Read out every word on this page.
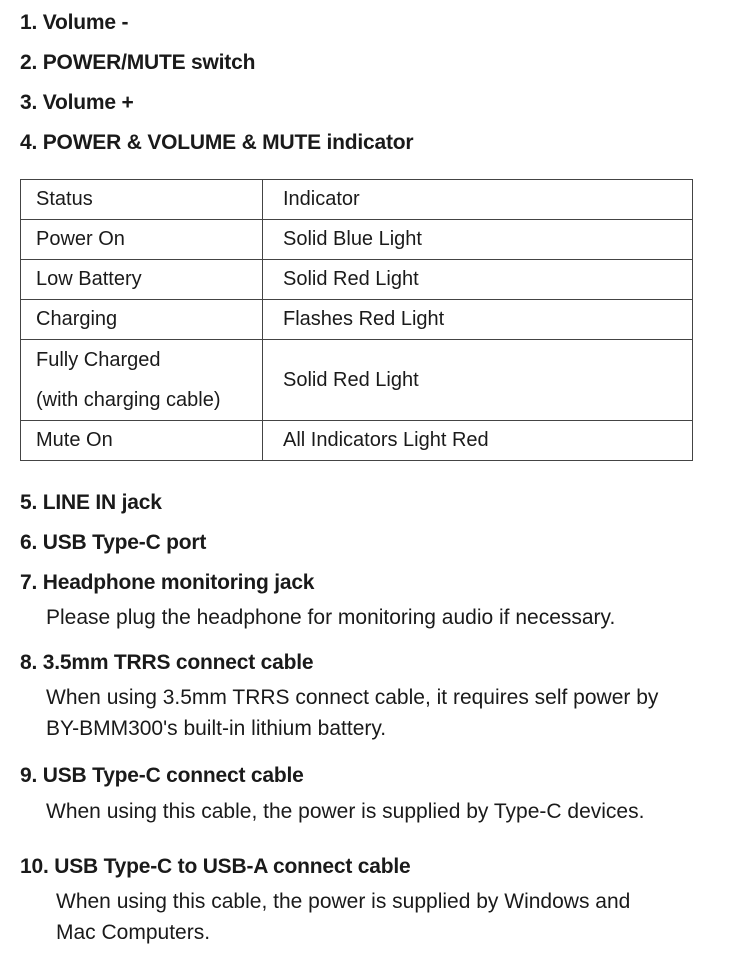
1. Volume -
2. POWER/MUTE switch
3. Volume +
4. POWER & VOLUME & MUTE indicator
Status	Indicator
Power On	Solid Blue Light
Low Battery	Solid Red Light
Charging	Flashes Red Light

Fully Charged
(with charging cable)	Solid Red Light
Mute On	All Indicators Light Red
5. LINE IN jack
6. USB Type-C port
7. Headphone monitoring jack
Please plug the headphone for monitoring audio if necessary.
8. 3.5mm TRRS connect cable
When using 3.5mm TRRS connect cable, it requires self power by
BY-BMM300's built-in lithium battery.
9. USB Type-C connect cable
When using this cable, the power is supplied by Type-C devices.
10. USB Type-C to USB-A connect cable
When using this cable, the power is supplied by Windows and
Mac Computers.
